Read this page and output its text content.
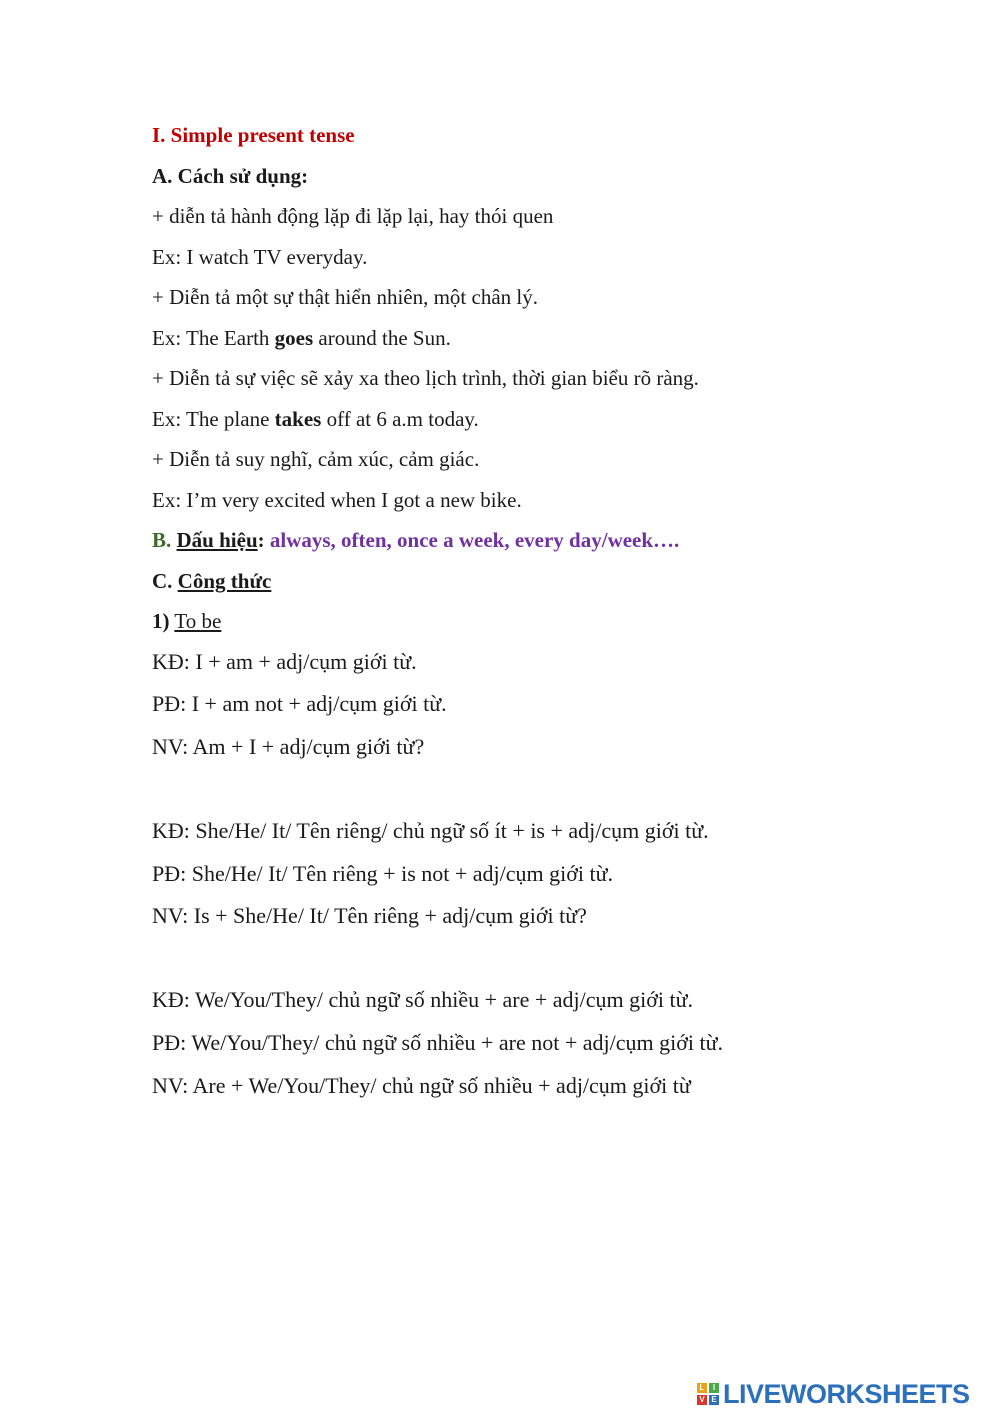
I. Simple present tense
A. Cách sử dụng:
+ diễn tả hành động lặp đi lặp lại, hay thói quen
Ex: I watch TV everyday.
+ Diễn tả một sự thật hiển nhiên, một chân lý.
Ex: The Earth goes around the Sun.
+ Diễn tả sự việc sẽ xảy xa theo lịch trình, thời gian biểu rõ ràng.
Ex: The plane takes off at 6 a.m today.
+ Diễn tả suy nghĩ, cảm xúc, cảm giác.
Ex: I’m very excited when I got a new bike.
B. Dấu hiệu: always, often, once a week, every day/week….
C. Công thức
1) To be
KĐ: I + am + adj/cụm giới từ.
PĐ: I + am not + adj/cụm giới từ.
NV: Am + I + adj/cụm giới từ?
KĐ: She/He/ It/ Tên riêng/ chủ ngữ số ít + is + adj/cụm giới từ.
PĐ: She/He/ It/ Tên riêng + is not + adj/cụm giới từ.
NV: Is + She/He/ It/ Tên riêng + adj/cụm giới từ?
KĐ: We/You/They/ chủ ngữ số nhiều + are + adj/cụm giới từ.
PĐ: We/You/They/ chủ ngữ số nhiều + are not + adj/cụm giới từ.
NV: Are + We/You/They/ chủ ngữ số nhiều + adj/cụm giới từ
L	I
V E LIVEWORKSHEETS
